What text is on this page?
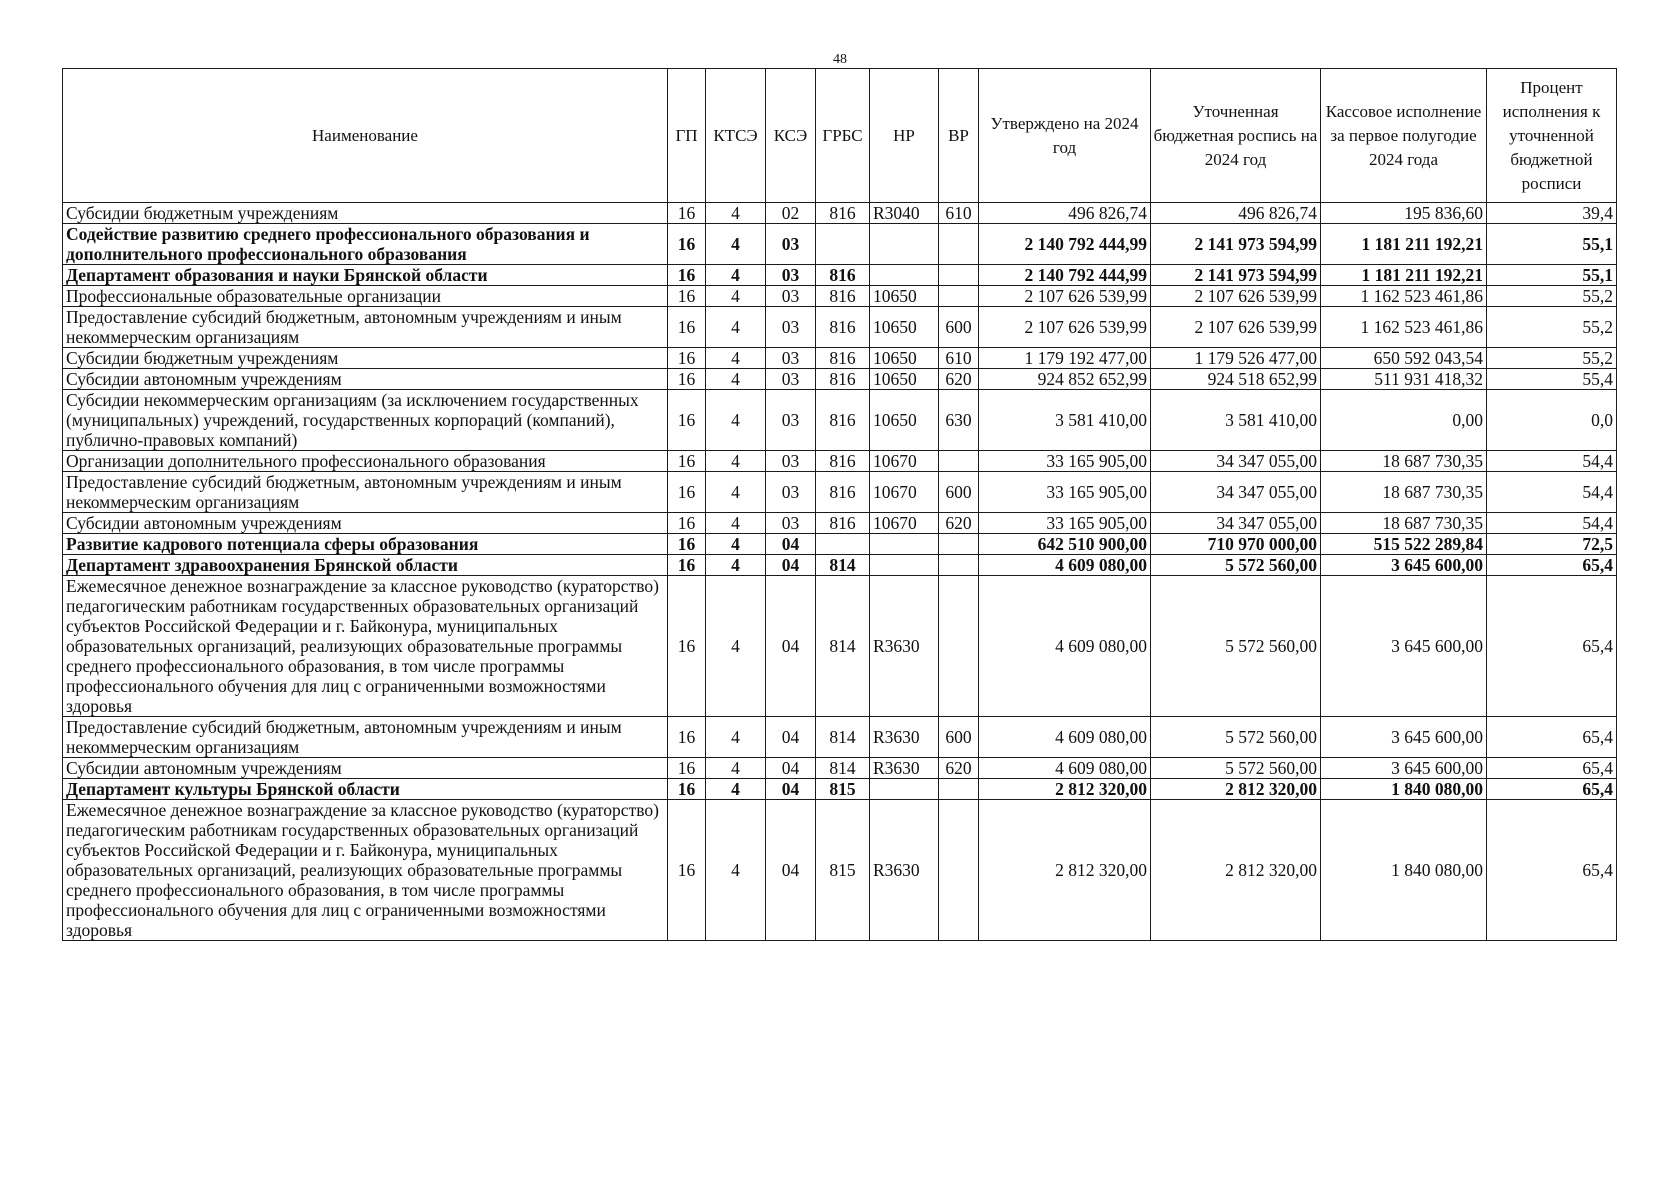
48
Наименование	ГП	КТСЭ	КСЭ	ГРБС	НР	ВР	Утверждено на 2024 год	Уточненная бюджетная роспись на 2024 год	Кассовое исполнение за первое полугодие 2024 года	Процент исполнения к уточненной бюджетной росписи
Субсидии бюджетным учреждениям	16	4	02	816	R3040	610	496 826,74	496 826,74	195 836,60	39,4
Содействие развитию среднего профессионального образования и дополнительного профессионального образования	16	4	03				2 140 792 444,99	2 141 973 594,99	1 181 211 192,21	55,1
Департамент образования и науки Брянской области	16	4	03	816			2 140 792 444,99	2 141 973 594,99	1 181 211 192,21	55,1
Профессиональные образовательные организации	16	4	03	816	10650		2 107 626 539,99	2 107 626 539,99	1 162 523 461,86	55,2
Предоставление субсидий бюджетным, автономным учреждениям и иным некоммерческим организациям	16	4	03	816	10650	600	2 107 626 539,99	2 107 626 539,99	1 162 523 461,86	55,2
Субсидии бюджетным учреждениям	16	4	03	816	10650	610	1 179 192 477,00	1 179 526 477,00	650 592 043,54	55,2
Субсидии автономным учреждениям	16	4	03	816	10650	620	924 852 652,99	924 518 652,99	511 931 418,32	55,4
Субсидии некоммерческим организациям (за исключением государственных (муниципальных) учреждений, государственных корпораций (компаний), публично-правовых компаний)	16	4	03	816	10650	630	3 581 410,00	3 581 410,00	0,00	0,0
Организации дополнительного профессионального образования	16	4	03	816	10670		33 165 905,00	34 347 055,00	18 687 730,35	54,4
Предоставление субсидий бюджетным, автономным учреждениям и иным некоммерческим организациям	16	4	03	816	10670	600	33 165 905,00	34 347 055,00	18 687 730,35	54,4
Субсидии автономным учреждениям	16	4	03	816	10670	620	33 165 905,00	34 347 055,00	18 687 730,35	54,4
Развитие кадрового потенциала сферы образования	16	4	04				642 510 900,00	710 970 000,00	515 522 289,84	72,5
Департамент здравоохранения Брянской области	16	4	04	814			4 609 080,00	5 572 560,00	3 645 600,00	65,4
Ежемесячное денежное вознаграждение за классное руководство (кураторство) педагогическим работникам государственных образовательных организаций субъектов Российской Федерации и г. Байконура, муниципальных образовательных организаций, реализующих образовательные программы среднего профессионального образования, в том числе программы профессионального обучения для лиц с ограниченными возможностями здоровья	16	4	04	814	R3630		4 609 080,00	5 572 560,00	3 645 600,00	65,4
Предоставление субсидий бюджетным, автономным учреждениям и иным некоммерческим организациям	16	4	04	814	R3630	600	4 609 080,00	5 572 560,00	3 645 600,00	65,4
Субсидии автономным учреждениям	16	4	04	814	R3630	620	4 609 080,00	5 572 560,00	3 645 600,00	65,4
Департамент культуры Брянской области	16	4	04	815			2 812 320,00	2 812 320,00	1 840 080,00	65,4
Ежемесячное денежное вознаграждение за классное руководство (кураторство) педагогическим работникам государственных образовательных организаций субъектов Российской Федерации и г. Байконура, муниципальных образовательных организаций, реализующих образовательные программы среднего профессионального образования, в том числе программы профессионального обучения для лиц с ограниченными возможностями здоровья	16	4	04	815	R3630		2 812 320,00	2 812 320,00	1 840 080,00	65,4
